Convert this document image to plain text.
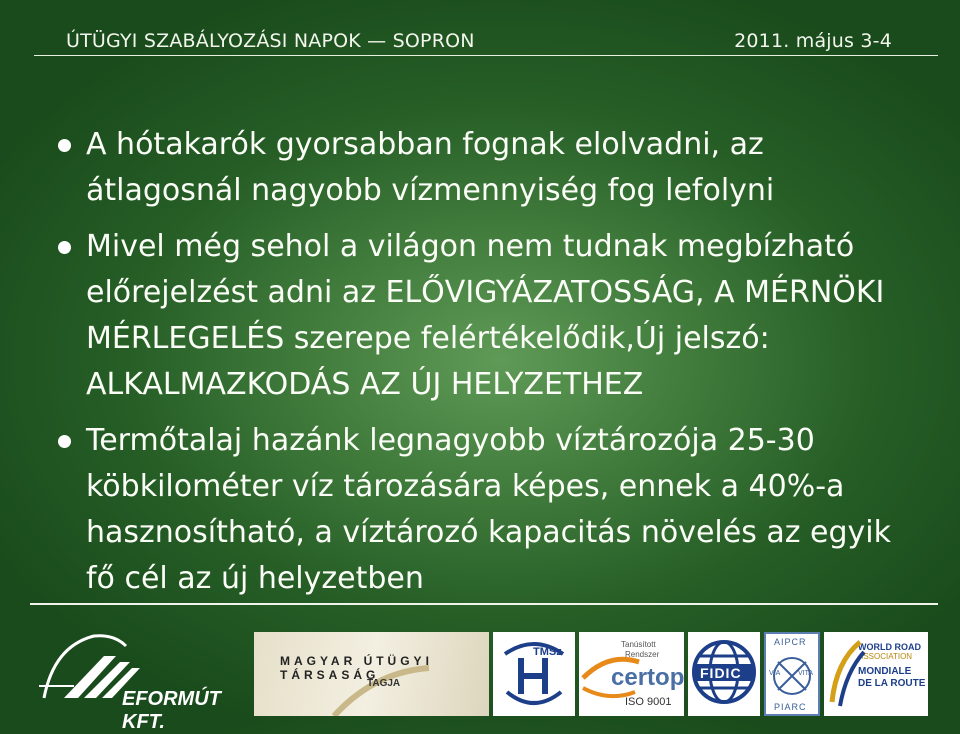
ÚTÜGYI SZABÁLYOZÁSI NAPOK — SOPRON	2011. május 3-4
A hótakarók gyorsabban fognak elolvadni, az átlagosnál nagyobb vízmennyiség fog lefolyni
Mivel még sehol a világon nem tudnak megbízható előrejelzést adni az ELŐVIGYÁZATOSSÁG, A MÉRNÖKI MÉRLEGELÉS szerepe felértékelődik,Új jelszó: ALKALMAZKODÁS AZ ÚJ HELYZETHEZ
Termőtalaj hazánk legnagyobb víztározója 25-30 köbkilométer víz tározására képes, ennek a 40%-a hasznosítható, a víztározó kapacitás növelés az egyik fő cél az új helyzetben
EFORMÚT KFT.
MAGYAR ÚTÜGYI TÁRSASÁG
TAGJA
TMSz
Tanúsított
Rendszer
certop
ISO 9001
FIDIC
AIPCR
VIA	VITA
PIARC
WORLD ROAD
ASSOCIATION
MONDIALE
DE LA ROUTE
